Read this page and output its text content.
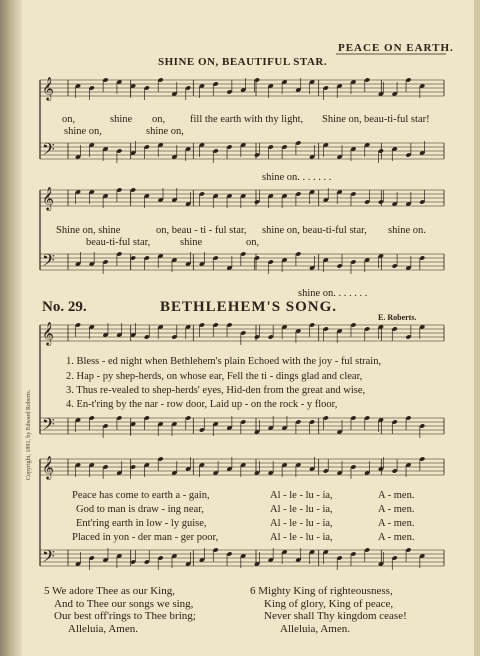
𝄞
𝄢
𝄞
𝄢
𝄞
𝄢
𝄞
𝄢
PEACE ON EARTH.
SHINE ON, BEAUTIFUL STAR.
on,	shine on, fill the earth with thy light, Shine on, beau-ti-ful star!
shine on,	shine on,
shine on. . . . . . .
Shine on, shine	on, beau - ti - ful star, shine on, beau-ti-ful star, shine on.
beau-ti-ful star,	shine	on,
shine on. . . . . . .
No. 29.	BETHLEHEM'S SONG.
E. Roberts.
Copyright, 1891, by Edward Roberts.
1. Bless - ed night when Bethlehem's plain Echoed with the joy - ful strain,
2. Hap - py shep-herds, on whose ear, Fell the ti - dings glad and clear,
3. Thus re-vealed to shep-herds' eyes, Hid-den from the great and wise,
4. En-t'ring by the nar - row door, Laid up - on the rock - y floor,
Peace has come to earth a - gain,	Al - le - lu - ia,	A - men.
God to man is draw - ing near,	Al - le - lu - ia,	A - men.
Ent'ring earth in low - ly guise,	Al - le - lu - ia,	A - men.
Placed in yon - der man - ger poor,	Al - le - lu - ia,	A - men.
5 We adore Thee as our King,
And to Thee our songs we sing,
Our best off'rings to Thee bring;
Alleluia, Amen.
6 Mighty King of righteousness,
King of glory, King of peace,
Never shall Thy kingdom cease!
Alleluia, Amen.
